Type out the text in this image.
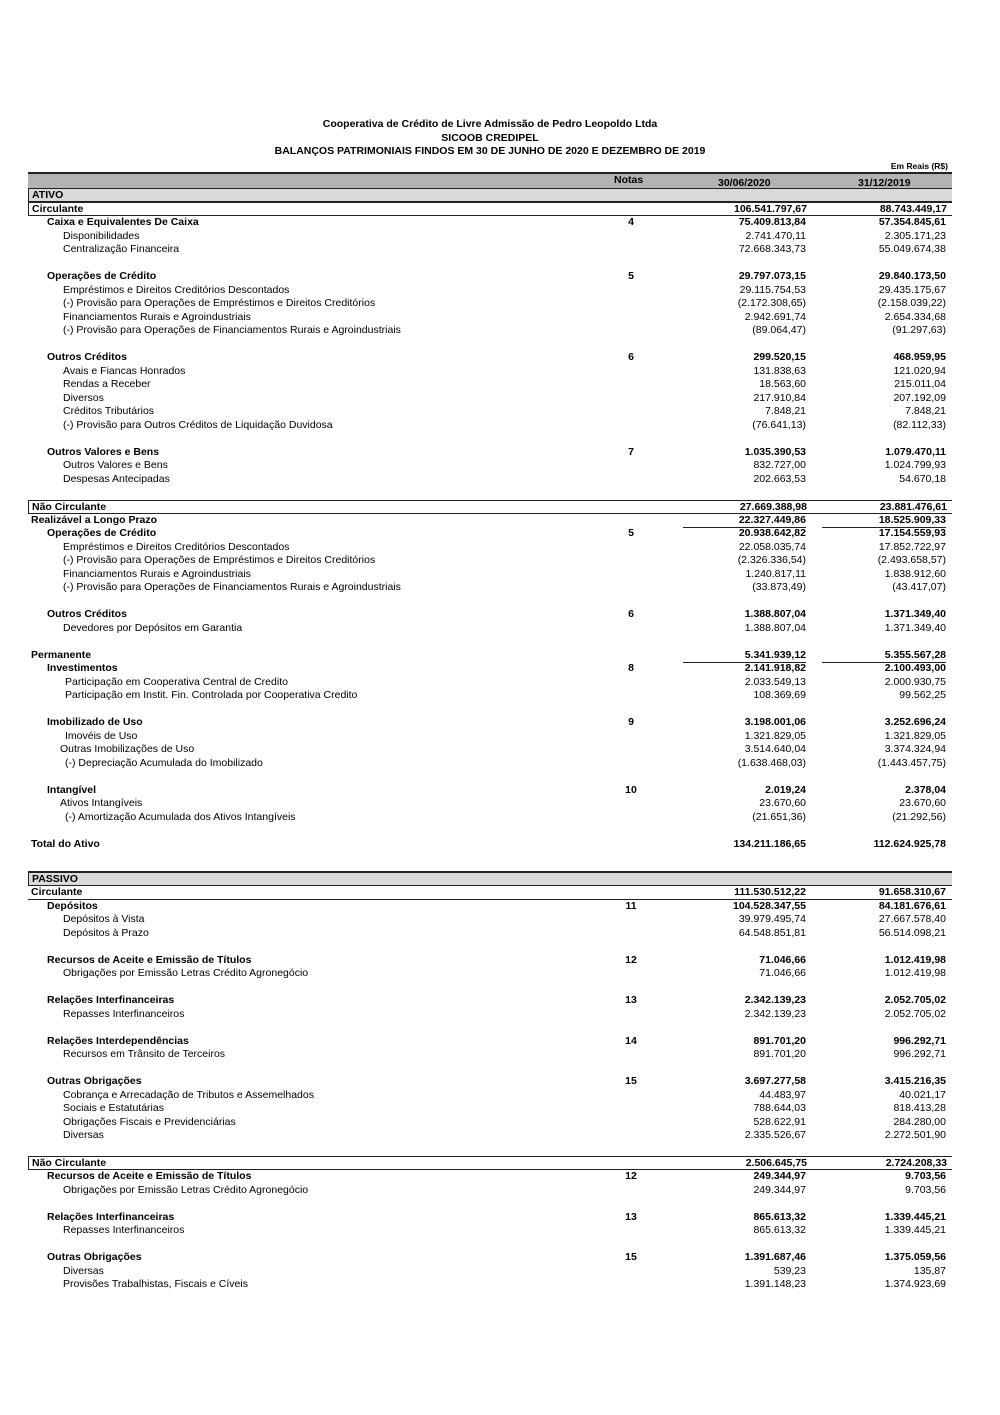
Cooperativa de Crédito de Livre Admissão de Pedro Leopoldo Ltda
SICOOB CREDIPEL
BALANÇOS PATRIMONIAIS FINDOS EM 30 DE JUNHO DE 2020 E DEZEMBRO DE 2019
Em Reais (R$)
Notas	30/06/2020	31/12/2019
ATIVO
Circulante	106.541.797,67	88.743.449,17
Caixa e Equivalentes De Caixa	4	75.409.813,84	57.354.845,61
Disponibilidades	2.741.470,11	2.305.171,23
Centralização Financeira	72.668.343,73	55.049.674,38
Operações de Crédito	5	29.797.073,15	29.840.173,50
Empréstimos e Direitos Creditórios Descontados	29.115.754,53	29.435.175,67
(-) Provisão para Operações de Empréstimos e Direitos Creditórios	(2.172.308,65)	(2.158.039,22)
Financiamentos Rurais e Agroindustriais	2.942.691,74	2.654.334,68
(-) Provisão para Operações de Financiamentos Rurais e Agroindustriais	(89.064,47)	(91.297,63)
Outros Créditos	6	299.520,15	468.959,95
Avais e Fiancas Honrados	131.838,63	121.020,94
Rendas a Receber	18.563,60	215.011,04
Diversos	217.910,84	207.192,09
Créditos Tributários	7.848,21	7.848,21
(-) Provisão para Outros Créditos de Liquidação Duvidosa	(76.641,13)	(82.112,33)
Outros Valores e Bens	7	1.035.390,53	1.079.470,11
Outros Valores e Bens	832.727,00	1.024.799,93
Despesas Antecipadas	202.663,53	54.670,18
Não Circulante	27.669.388,98	23.881.476,61
Realizável a Longo Prazo	22.327.449,86	18.525.909,33
Operações de Crédito	5	20.938.642,82	17.154.559,93
Empréstimos e Direitos Creditórios Descontados	22.058.035,74	17.852.722,97
(-) Provisão para Operações de Empréstimos e Direitos Creditórios	(2.326.336,54)	(2.493.658,57)
Financiamentos Rurais e Agroindustriais	1.240.817,11	1.838.912,60
(-) Provisão para Operações de Financiamentos Rurais e Agroindustriais	(33.873,49)	(43.417,07)
Outros Créditos	6	1.388.807,04	1.371.349,40
Devedores por Depósitos em Garantia	1.388.807,04	1.371.349,40
Permanente	5.341.939,12	5.355.567,28
Investimentos	8	2.141.918,82	2.100.493,00
Participação em Cooperativa Central de Credito	2.033.549,13	2.000.930,75
Participação em Instit. Fin. Controlada por Cooperativa Credito	108.369,69	99.562,25
Imobilizado de Uso	9	3.198.001,06	3.252.696,24
Imovéis de Uso	1.321.829,05	1.321.829,05
Outras Imobilizações de Uso	3.514.640,04	3.374.324,94
(-) Depreciação Acumulada do Imobilizado	(1.638.468,03)	(1.443.457,75)
Intangível	10	2.019,24	2.378,04
Ativos Intangíveis	23.670,60	23.670,60
(-) Amortização Acumulada dos Ativos Intangíveis	(21.651,36)	(21.292,56)
Total do Ativo	134.211.186,65	112.624.925,78
PASSIVO
Circulante	111.530.512,22	91.658.310,67
Depósitos	11	104.528.347,55	84.181.676,61
Depósitos à Vista	39.979.495,74	27.667.578,40
Depósitos à Prazo	64.548.851,81	56.514.098,21
Recursos de Aceite e Emissão de Títulos	12	71.046,66	1.012.419,98
Obrigações por Emissão Letras Crédito Agronegócio	71.046,66	1.012.419,98
Relações Interfinanceiras	13	2.342.139,23	2.052.705,02
Repasses Interfinanceiros	2.342.139,23	2.052.705,02
Relações Interdependências	14	891.701,20	996.292,71
Recursos em Trânsito de Terceiros	891.701,20	996.292,71
Outras Obrigações	15	3.697.277,58	3.415.216,35
Cobrança e Arrecadação de Tributos e Assemelhados	44.483,97	40.021,17
Sociais e Estatutárias	788.644,03	818.413,28
Obrigações Fiscais e Previdenciárias	528.622,91	284.280,00
Diversas	2.335.526,67	2.272.501,90
Não Circulante	2.506.645,75	2.724.208,33
Recursos de Aceite e Emissão de Títulos	12	249.344,97	9.703,56
Obrigações por Emissão Letras Crédito Agronegócio	249.344,97	9.703,56
Relações Interfinanceiras	13	865.613,32	1.339.445,21
Repasses Interfinanceiros	865.613,32	1.339.445,21
Outras Obrigações	15	1.391.687,46	1.375.059,56
Diversas	539,23	135,87
Provisões Trabalhistas, Fiscais e Cíveis	1.391.148,23	1.374.923,69
